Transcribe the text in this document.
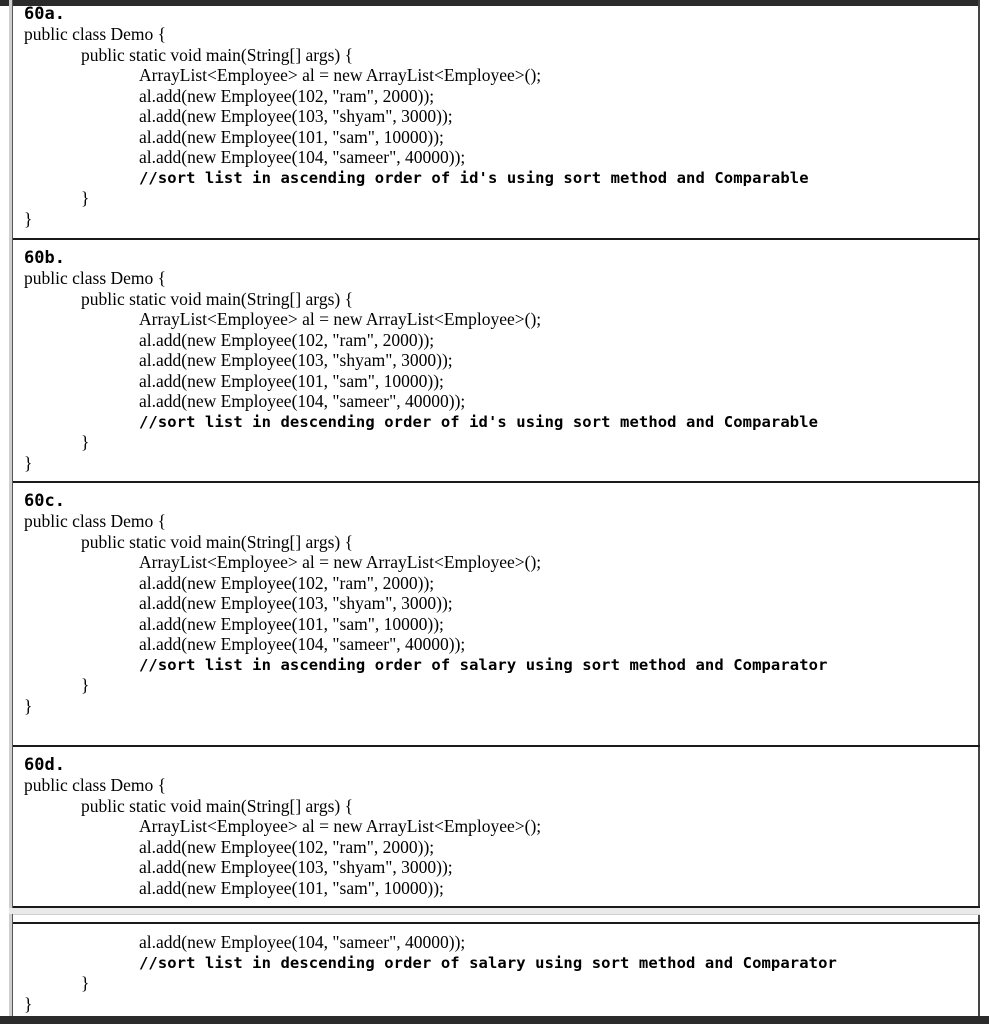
60a.
public class Demo {
public static void main(String[] args) {
ArrayList<Employee> al = new ArrayList<Employee>();
al.add(new Employee(102, "ram", 2000));
al.add(new Employee(103, "shyam", 3000));
al.add(new Employee(101, "sam", 10000));
al.add(new Employee(104, "sameer", 40000));
//sort list in ascending order of id's using sort method and Comparable
}
}
60b.
public class Demo {
public static void main(String[] args) {
ArrayList<Employee> al = new ArrayList<Employee>();
al.add(new Employee(102, "ram", 2000));
al.add(new Employee(103, "shyam", 3000));
al.add(new Employee(101, "sam", 10000));
al.add(new Employee(104, "sameer", 40000));
//sort list in descending order of id's using sort method and Comparable
}
}
60c.
public class Demo {
public static void main(String[] args) {
ArrayList<Employee> al = new ArrayList<Employee>();
al.add(new Employee(102, "ram", 2000));
al.add(new Employee(103, "shyam", 3000));
al.add(new Employee(101, "sam", 10000));
al.add(new Employee(104, "sameer", 40000));
//sort list in ascending order of salary using sort method and Comparator
}
}
60d.
public class Demo {
public static void main(String[] args) {
ArrayList<Employee> al = new ArrayList<Employee>();
al.add(new Employee(102, "ram", 2000));
al.add(new Employee(103, "shyam", 3000));
al.add(new Employee(101, "sam", 10000));
al.add(new Employee(104, "sameer", 40000));
//sort list in descending order of salary using sort method and Comparator
}
}
